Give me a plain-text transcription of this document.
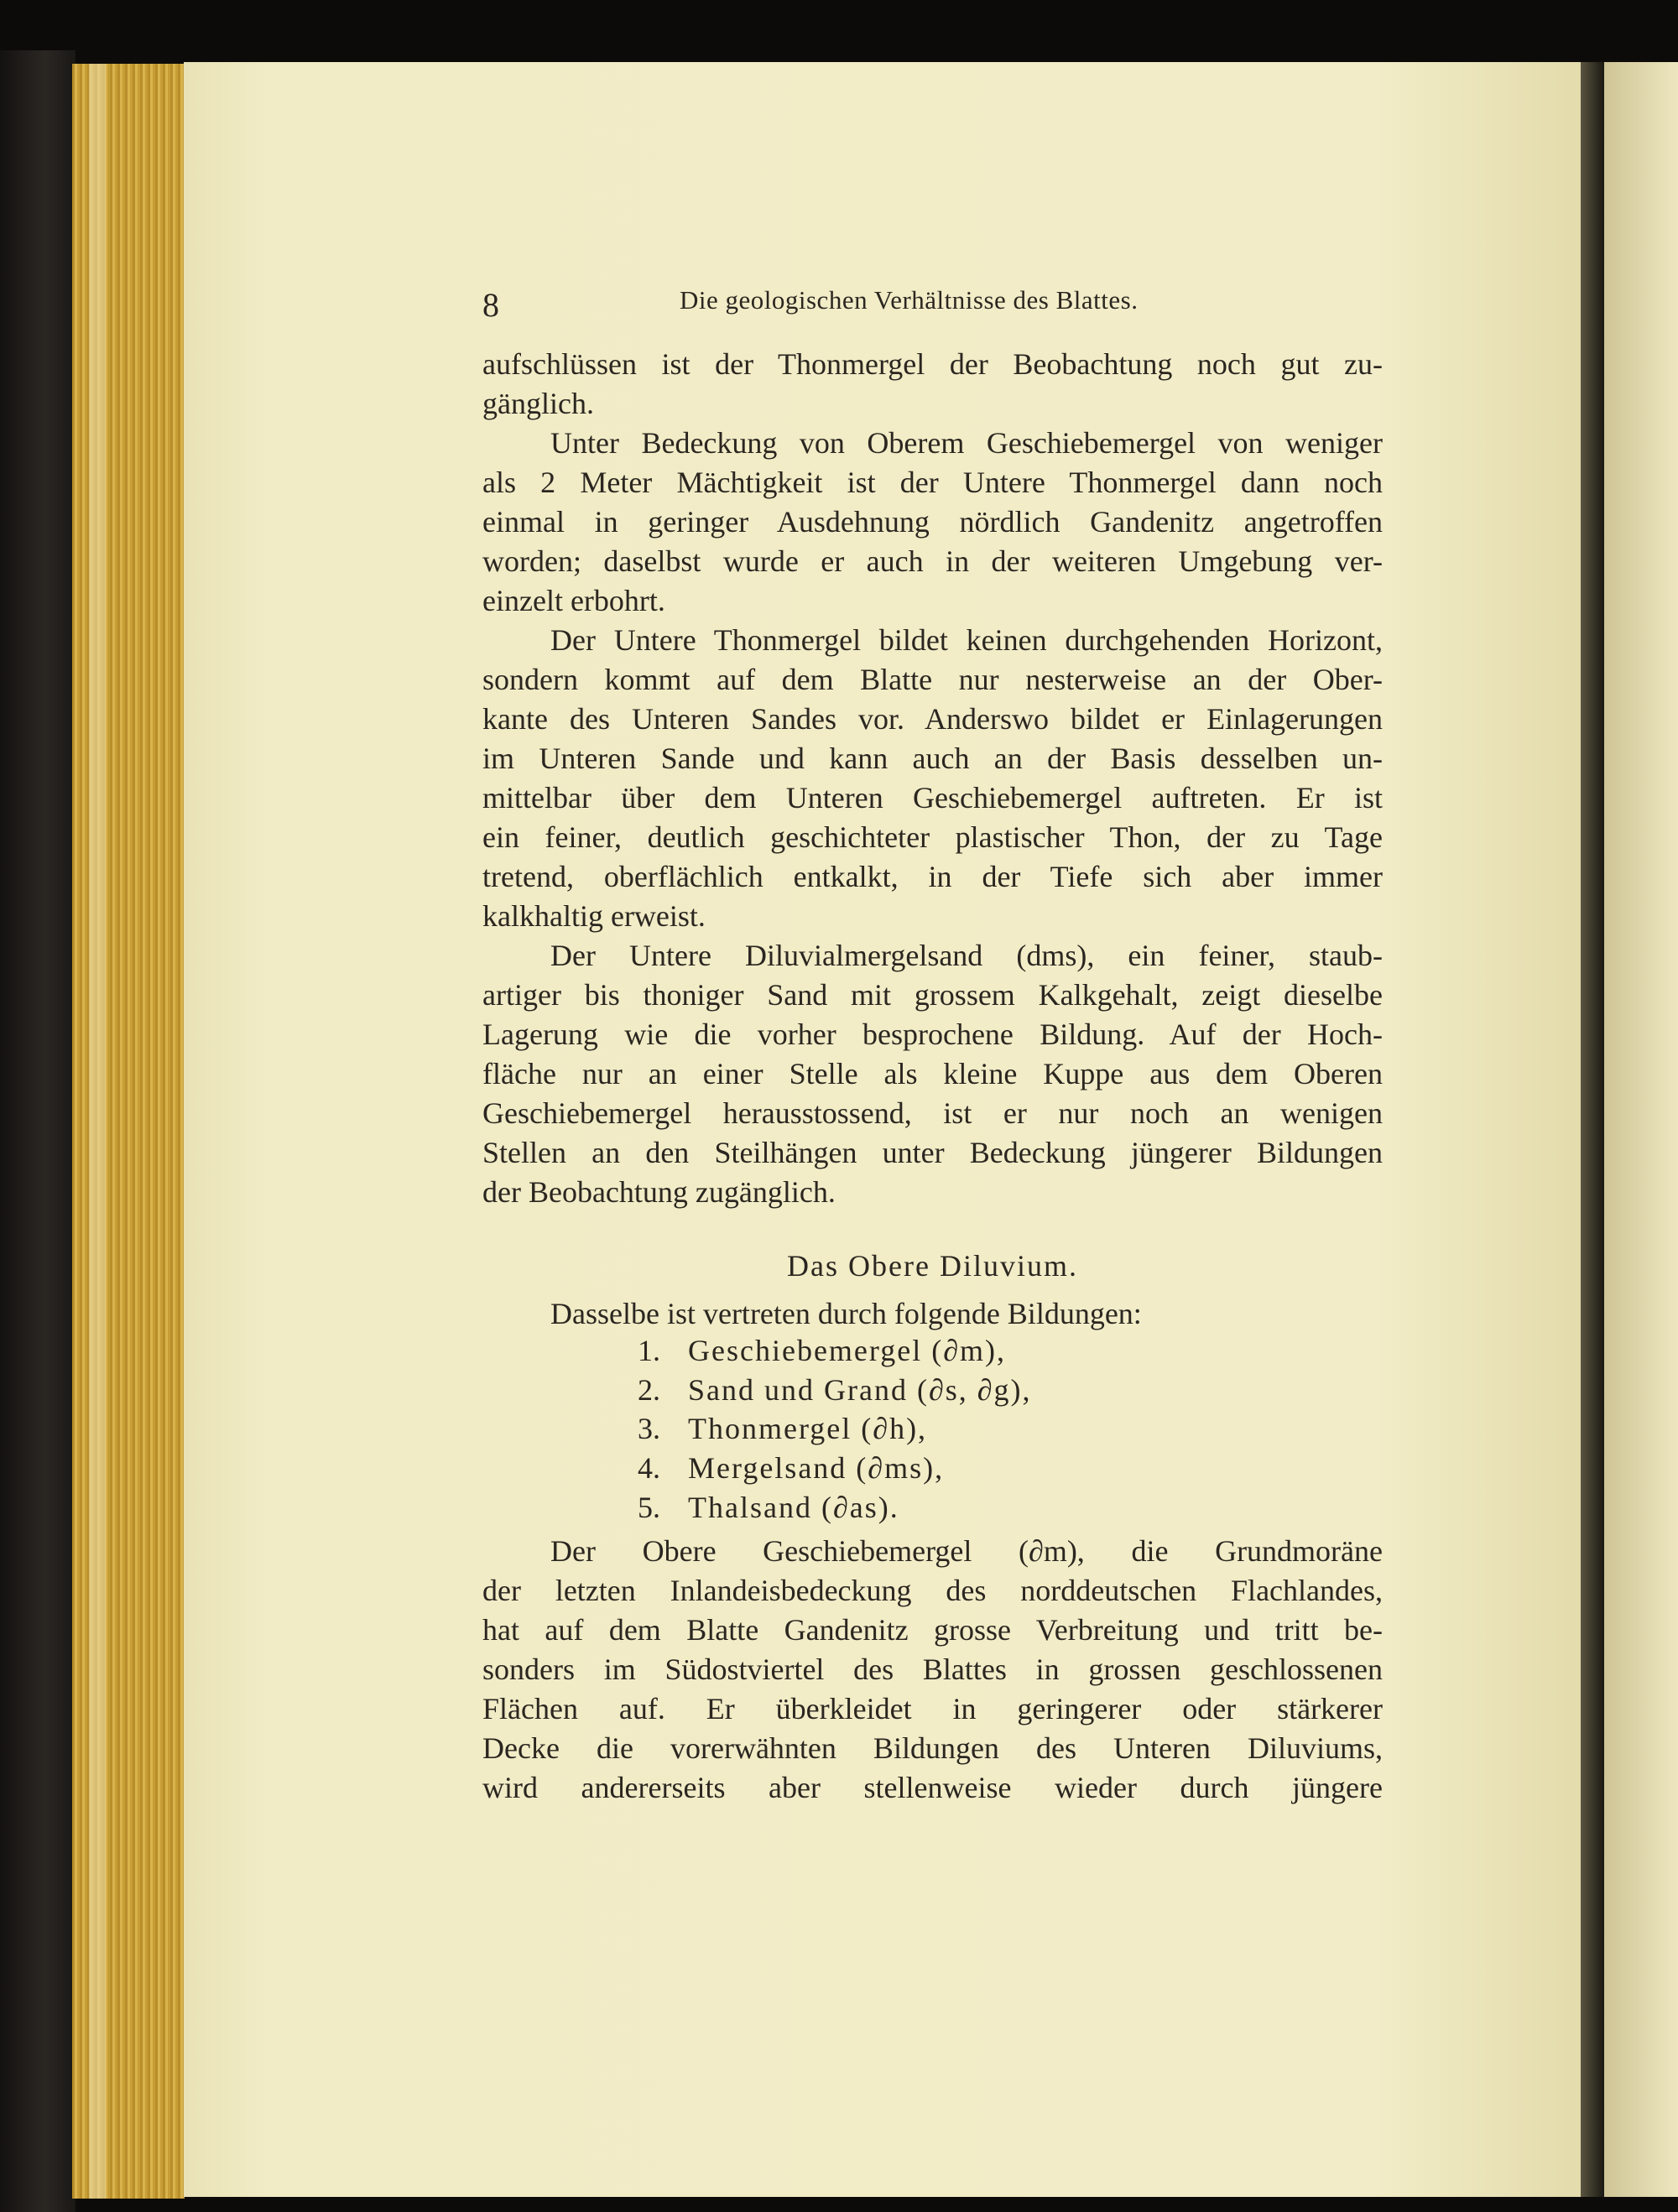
8	Die geologischen Verhältnisse des Blattes.
aufschlüssen ist der Thonmergel der Beobachtung noch gut zu-
gänglich.
Unter Bedeckung von Oberem Geschiebemergel von weniger
als 2 Meter Mächtigkeit ist der Untere Thonmergel dann noch
einmal in geringer Ausdehnung nördlich Gandenitz angetroffen
worden; daselbst wurde er auch in der weiteren Umgebung ver-
einzelt erbohrt.
Der Untere Thonmergel bildet keinen durchgehenden Horizont,
sondern kommt auf dem Blatte nur nesterweise an der Ober-
kante des Unteren Sandes vor. Anderswo bildet er Einlagerungen
im Unteren Sande und kann auch an der Basis desselben un-
mittelbar über dem Unteren Geschiebemergel auftreten. Er ist
ein feiner, deutlich geschichteter plastischer Thon, der zu Tage
tretend, oberflächlich entkalkt, in der Tiefe sich aber immer
kalkhaltig erweist.
Der Untere Diluvialmergelsand (dms), ein feiner, staub-
artiger bis thoniger Sand mit grossem Kalkgehalt, zeigt dieselbe
Lagerung wie die vorher besprochene Bildung. Auf der Hoch-
fläche nur an einer Stelle als kleine Kuppe aus dem Oberen
Geschiebemergel herausstossend, ist er nur noch an wenigen
Stellen an den Steilhängen unter Bedeckung jüngerer Bildungen
der Beobachtung zugänglich.
Das Obere Diluvium.
Dasselbe ist vertreten durch folgende Bildungen:
1. Geschiebemergel (∂m),
2. Sand und Grand (∂s, ∂g),
3. Thonmergel (∂h),
4. Mergelsand (∂ms),
5. Thalsand (∂as).
Der Obere Geschiebemergel (∂m), die Grundmoräne
der letzten Inlandeisbedeckung des norddeutschen Flachlandes,
hat auf dem Blatte Gandenitz grosse Verbreitung und tritt be-
sonders im Südostviertel des Blattes in grossen geschlossenen
Flächen auf. Er überkleidet in geringerer oder stärkerer
Decke die vorerwähnten Bildungen des Unteren Diluviums,
wird andererseits aber stellenweise wieder durch jüngere
